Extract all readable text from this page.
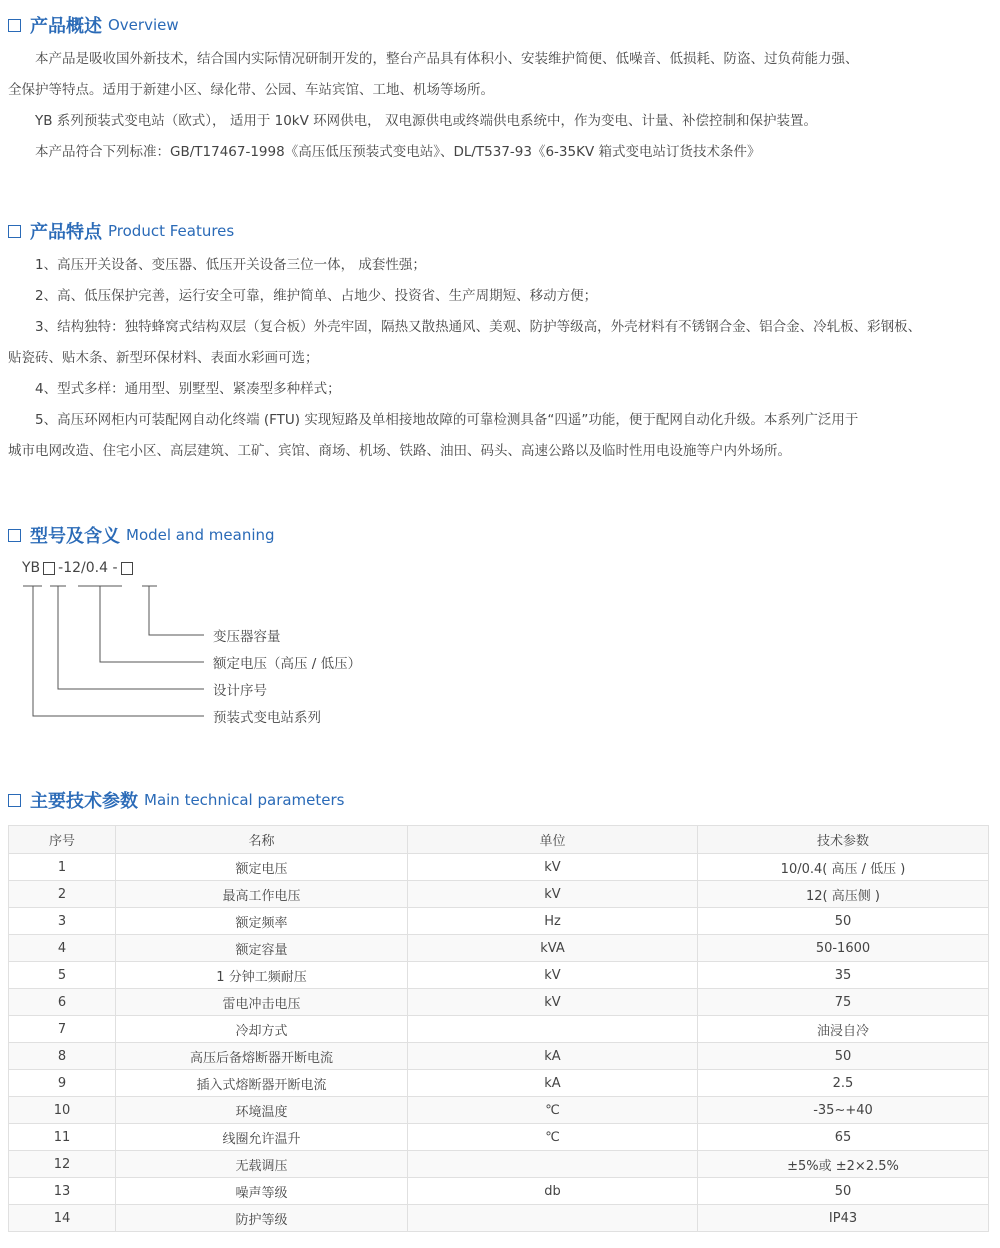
产品概述 Overview

本产品是吸收国外新技术，结合国内实际情况研制开发的，整台产品具有体积小、安装维护简便、低噪音、低损耗、防盗、过负荷能力强、

全保护等特点。适用于新建小区、绿化带、公园、车站宾馆、工地、机场等场所。

YB 系列预装式变电站（欧式）， 适用于 10kV 环网供电， 双电源供电或终端供电系统中，作为变电、计量、补偿控制和保护装置。

本产品符合下列标准：GB/T17467-1998《高压低压预装式变电站》、DL/T537-93《6-35KV 箱式变电站订货技术条件》

产品特点 Product Features

1、高压开关设备、变压器、低压开关设备三位一体， 成套性强；

2、高、低压保护完善，运行安全可靠，维护简单、占地少、投资省、生产周期短、移动方便；

3、结构独特：独特蜂窝式结构双层（复合板）外壳牢固，隔热又散热通风、美观、防护等级高，外壳材料有不锈钢合金、铝合金、冷轧板、彩钢板、

贴瓷砖、贴木条、新型环保材料、表面水彩画可选；

4、型式多样：通用型、别墅型、紧凑型多种样式；

5、高压环网柜内可装配网自动化终端 (FTU) 实现短路及单相接地故障的可靠检测具备“四遥”功能，便于配网自动化升级。本系列广泛用于

城市电网改造、住宅小区、高层建筑、工矿、宾馆、商场、机场、铁路、油田、码头、高速公路以及临时性用电设施等户内外场所。

型号及含义 Model and meaning
YB -12/0.4 -
变压器容量
额定电压（高压 / 低压）
设计序号
预装式变电站系列
主要技术参数 Main technical parameters
序号	名称	单位	技术参数
1	额定电压	kV	10/0.4( 高压 / 低压 )
2	最高工作电压	kV	12( 高压侧 )
3	额定频率	Hz	50
4	额定容量	kVA	50-1600
5	1 分钟工频耐压	kV	35
6	雷电冲击电压	kV	75
7	冷却方式		油浸自冷
8	高压后备熔断器开断电流	kA	50
9	插入式熔断器开断电流	kA	2.5
10	环境温度	℃	-35~+40
11	线圈允许温升	℃	65
12	无载调压		±5%或 ±2×2.5%
13	噪声等级	db	50
14	防护等级		IP43
